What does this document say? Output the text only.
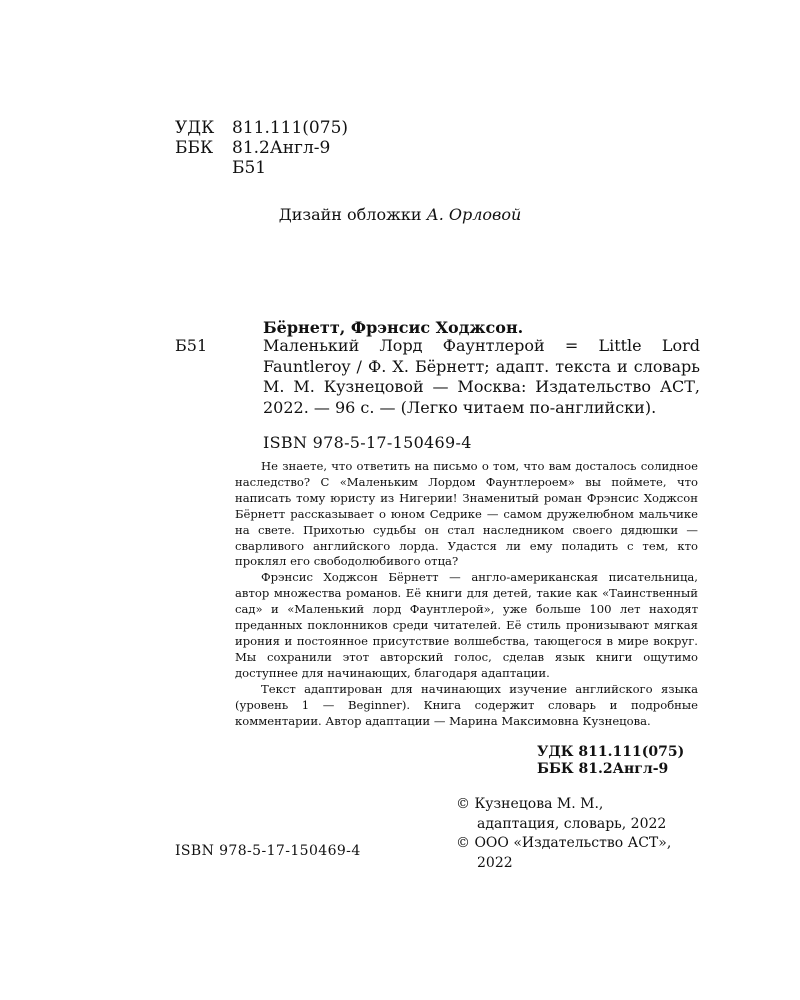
УДК 811.111(075)
ББК 81.2Англ-9
Б51
Дизайн обложки А. Орловой
Бёрнетт, Фрэнсис Ходжсон.
Б51	Маленький Лорд Фаунтлерой = Little Lord Fauntleroy / Ф. Х. Бёрнетт; адапт. текста и словарь М. М. Кузнецовой — Москва: Издательство АСТ, 2022. — 96 с. — (Легко читаем по-английски).
ISBN 978-5-17-150469-4

Не знаете, что ответить на письмо о том, что вам досталось солидное наследство? С «Маленьким Лордом Фаунтлероем» вы поймете, что написать тому юристу из Нигерии! Знаменитый роман Фрэнсис Ходжсон Бёрнетт рассказывает о юном Седрике — самом дружелюбном мальчике на свете. Прихотью судьбы он стал наследником своего дядюшки — сварливого английского лорда. Удастся ли ему поладить с тем, кто проклял его свободолюбивого отца?

Фрэнсис Ходжсон Бёрнетт — англо-американская писательница, автор множества романов. Её книги для детей, такие как «Таинственный сад» и «Маленький лорд Фаунтлерой», уже больше 100 лет находят преданных поклонников среди читателей. Её стиль пронизывают мягкая ирония и постоянное присутствие волшебства, тающегося в мире вокруг. Мы сохранили этот авторский голос, сделав язык книги ощутимо доступнее для начинающих, благодаря адаптации.

Текст адаптирован для начинающих изучение английского языка (уровень 1 — Beginner). Книга содержит словарь и подробные комментарии. Автор адаптации — Марина Максимовна Кузнецова.

УДК 811.111(075)
ББК 81.2Англ-9
© Кузнецова М. М.,
адаптация, словарь, 2022
© ООО «Издательство АСТ»,
2022
ISBN 978-5-17-150469-4
